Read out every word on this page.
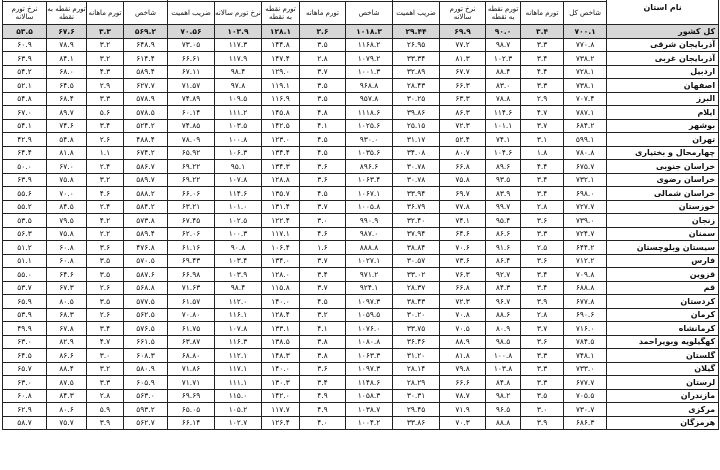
														نام استان
نرخ تورم سالانه	تورم نقطه به نقطه	تورم ماهانه	شاخص	ضریب اهمیت	نرخ تورم سالانه	تورم نقطه به نقطه	تورم ماهانه	شاخص	ضریب اهمیت	نرخ تورم سالانه	تورم نقطه به نقطه	تورم ماهانه	شاخص کل	
۵۳.۵	۶۷.۶	۳.۳	۵۶۹.۲	۷۰.۵۶	۱۰۳.۹	۱۲۸.۱	۳.۶	۱۰۱۸.۳	۲۹.۴۴	۶۹.۹	۹۰.۰	۳.۴	۷۰۰.۱	کل کشور
۶۰.۹	۷۸.۹	۳.۲	۶۴۸.۹	۷۳.۰۵	۱۱۷.۳	۱۴۴.۸	۳.۵	۱۱۶۸.۲	۲۶.۹۵	۷۷.۲	۹۸.۷	۳.۳	۷۷۰.۸	آذربایجان شرقی
۶۳.۹	۸۴.۱	۳.۲	۶۱۴.۴	۶۶.۶۱	۱۱۷.۹	۱۴۷.۴	۲.۸	۱۰۷۹.۲	۳۳.۳۴	۸۱.۳	۱۰۲.۳	۳.۴	۷۳۸.۲	آذربایجان غربی
۵۴.۲	۶۸.۰	۴.۳	۵۸۹.۴	۶۷.۱۱	۹۸.۴	۱۲۹.۰	۳.۷	۱۰۰۱.۳	۳۲.۸۹	۶۷.۷	۸۸.۴	۴.۴	۷۲۸.۱	اردبیل
۵۲.۱	۶۴.۵	۲.۹	۶۲۷.۷	۷۱.۵۷	۹۷.۸	۱۱۹.۱	۳.۵	۹۶۸.۸	۲۸.۴۳	۶۶.۳	۸۳.۰	۳.۳	۷۳۸.۱	اصفهان
۵۴.۸	۶۸.۴	۳.۳	۵۷۸.۹	۷۴.۸۹	۱۰۹.۵	۱۱۶.۹	۳.۵	۹۵۷.۸	۳۰.۲۵	۶۳.۳	۷۸.۸	۲.۹	۷۰۷.۴	البرز
۶۷.۰	۸۹.۷	۵.۶	۵۷۸.۵	۶۰.۱۴	۱۱۱.۲	۱۴۵.۸	۴.۸	۱۱۱۸.۶	۳۹.۸۶	۸۶.۳	۱۱۴.۶	۴.۷	۷۸۷.۱	ایلام
۵۴.۱	۷۴.۶	۳.۴	۵۲۴.۲	۷۴.۸۵	۱۰۳.۵	۱۴۲.۵	۴.۱	۱۰۲۵.۶	۲۵.۱۵	۷۲.۳	۱۰۱.۱	۳.۷	۶۸۴.۲	بوشهر
۴۲.۹	۵۴.۸	۲.۶	۴۸۸.۴	۷۸.۰۹	۱۰۰.۸	۱۲۳.۰	۴.۵	۹۳۰.۰	۳۱.۱۷	۵۲.۴	۷۴.۱	۳.۱	۵۹۹.۱	تهران
۶۴.۴	۸۱.۸	۱.۱	۶۷۴.۲	۶۵.۹۲	۱۰۶.۳	۱۳۴.۴	۴.۵	۱۰۳۵.۶	۳۴.۰۸	۸۰.۷	۱۰۴.۶	۱.۸	۷۸۰.۸	چهارمحال و بختیاری
۵۰.۰	۶۷.۰	۲.۴	۵۸۶.۷	۶۹.۲۲	۹۵.۱	۱۳۴.۳	۳.۶	۸۹۶.۶	۳۰.۷۸	۶۶.۸	۸۹.۶	۴.۴	۶۷۵.۷	خراسان جنوبی
۶۳.۹	۷۵.۸	۳.۲	۵۸۹.۷	۶۹.۲۲	۱۰۷.۸	۱۲۸.۸	۳.۶	۱۰۶۳.۴	۳۰.۷۸	۷۵.۸	۹۳.۵	۳.۴	۷۳۲.۱	خراسان رضوی
۵۵.۶	۷۰.۰	۴.۶	۵۸۸.۲	۶۶.۰۶	۱۱۴.۶	۱۳۵.۷	۴.۵	۱۰۶۷.۱	۳۳.۹۴	۶۹.۷	۸۳.۹	۳.۴	۶۹۸.۰	خراسان شمالی
۵۵.۲	۸۴.۵	۲.۴	۵۸۴.۲	۶۳.۲۱	۱۰۱.۰	۱۳۱.۴	۳.۷	۱۰۰۵.۸	۳۶.۷۹	۷۷.۸	۹۹.۷	۲.۸	۷۲۷.۷	خوزستان
۵۳.۵	۷۹.۵	۴.۲	۵۷۳.۸	۶۷.۴۵	۱۰۲.۵	۱۲۲.۴	۳.۰	۹۹۰.۹	۳۲.۴۰	۷۴.۱	۹۵.۴	۳.۶	۷۳۹.۰	زنجان
۵۶.۳	۷۵.۸	۲.۲	۵۸۹.۴	۶۲.۰۶	۱۰۰.۳	۱۱۷.۱	۴.۶	۹۸۷.۰	۳۷.۹۴	۶۴.۶	۸۶.۶	۳.۳	۷۲۴.۷	سمنان
۵۱.۲	۶۰.۸	۳.۶	۴۷۶.۸	۶۱.۱۶	۹۰.۸	۱۰۶.۴	۱.۶	۸۸۸.۸	۳۸.۸۴	۷۰.۶	۹۱.۶	۲.۵	۶۴۴.۲	سیستان وبلوچستان
۵۱.۱	۶۰.۸	۳.۵	۵۷۰.۵	۶۹.۴۳	۱۰۳.۴	۱۳۴.۰	۳.۷	۱۰۲۷.۱	۳۰.۵۷	۷۳.۶	۸۶.۴	۳.۶	۷۱۲.۲	فارس
۵۵.۰	۶۴.۶	۳.۵	۵۸۷.۶	۶۶.۹۸	۱۰۳.۹	۱۲۸.۰	۳.۴	۹۷۱.۲	۳۳.۰۲	۷۶.۳	۹۲.۷	۳.۴	۷۰۹.۸	قزوین
۵۳.۷	۶۷.۳	۲.۶	۵۶۸.۸	۷۱.۶۳	۹۸.۴	۱۱۵.۸	۳.۷	۹۲۴.۱	۲۸.۳۷	۶۶.۸	۸۴.۳	۳.۴	۶۸۸.۸	قم
۶۵.۹	۸۰.۵	۳.۵	۵۷۷.۵	۶۱.۵۷	۱۱۲.۰	۱۴۰.۰	۴.۵	۱۰۹۷.۳	۳۸.۴۳	۷۲.۳	۹۶.۷	۳.۹	۶۷۷.۸	کردستان
۵۳.۹	۶۸.۳	۲.۶	۵۶۲.۵	۷۰.۸۰	۱۱۶.۱	۱۲۸.۴	۳.۲	۱۰۵۹.۵	۳۰.۲۰	۷۰.۸	۸۸.۶	۲.۸	۶۹۰.۶	کرمان
۴۹.۹	۶۷.۸	۳.۴	۵۷۶.۵	۶۱.۷۵	۱۰۷.۸	۱۳۳.۱	۴.۱	۱۰۷۶.۰	۳۳.۷۵	۷۰.۵	۸۰.۹	۳.۷	۷۱۶.۰	کرمانشاه
۶۳.۰	۸۲.۹	۴.۷	۶۶۱.۵	۶۳.۸۷	۱۱۶.۳	۱۳۸.۵	۳.۸	۱۰۸۰.۸	۳۶.۴۶	۸۸.۹	۹۸.۵	۳.۶	۷۸۴.۵	کهگیلویه وبویراحمد
۶۴.۵	۸۶.۶	۳.۰	۶۰۸.۳	۶۸.۸۰	۱۱۲.۱	۱۴۸.۳	۳.۸	۱۰۶۳.۳	۳۱.۲۰	۸۱.۸	۱۰۰.۸	۳.۳	۷۴۸.۱	گلستان
۶۵.۷	۸۸.۴	۳.۲	۵۸۰.۹	۷۱.۸۶	۱۱۷.۱	۱۴۰.۰	۳.۶	۱۰۹۷.۳	۲۸.۱۴	۷۹.۸	۱۰۳.۸	۳.۳	۷۳۳.۰	گیلان
۶۳.۰	۸۷.۵	۳.۳	۶۰۵.۹	۷۱.۷۱	۱۱۱.۱	۱۳۰.۳	۳.۴	۱۱۴۸.۶	۲۸.۲۹	۶۶.۶	۸۴.۸	۳.۳	۶۷۷.۷	لرستان
۶۰.۸	۸۴.۳	۲.۸	۵۶۳.۰	۶۹.۶۹	۱۱۵.۰	۱۴۲.۰	۴.۹	۱۰۵۸.۳	۳۰.۳۱	۷۸.۷	۹۸.۲	۳.۵	۷۰۵.۵	مازندران
۶۲.۹	۸۰.۶	۵.۹	۵۹۳.۲	۶۵.۰۵	۱۰۵.۲	۱۱۷.۷	۴.۹	۱۰۳۸.۷	۲۹.۴۵	۷۱.۹	۹۶.۵	۳.۰	۷۳۰.۷	مرکزی
۵۸.۷	۷۵.۷	۳.۹	۵۶۲.۷	۶۶.۱۴	۱۰۲.۷	۱۲۶.۴	۴.۰	۱۰۰۴.۲	۳۳.۸۶	۷۰.۳	۸۸.۸	۳.۹	۶۸۶.۳	هرمزگان
